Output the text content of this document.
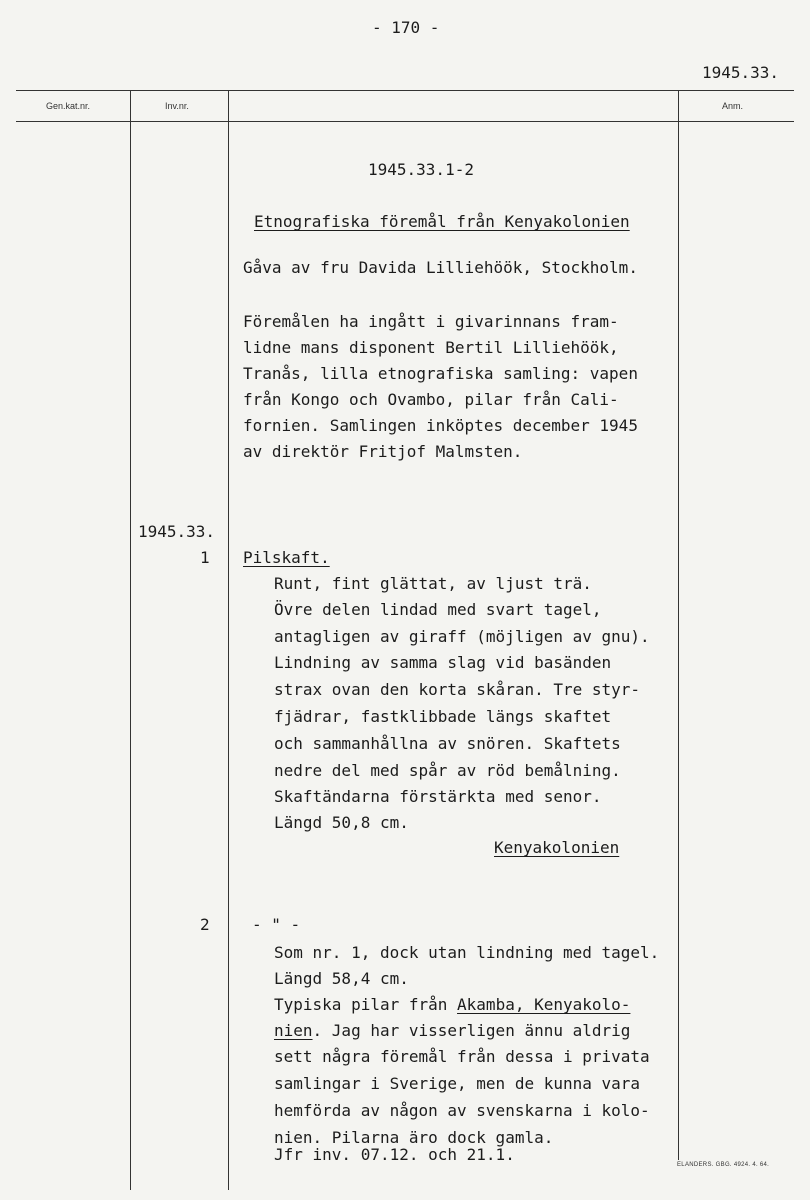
- 170 -
1945.33.
Gen.kat.nr.	Inv.nr.	Anm.
1945.33.1-2
Etnografiska föremål från Kenyakolonien
Gåva av fru Davida Lilliehöök, Stockholm.
Föremålen ha ingått i givarinnans fram-
lidne mans disponent Bertil Lilliehöök,
Tranås, lilla etnografiska samling: vapen
från Kongo och Ovambo, pilar från Cali-
fornien. Samlingen inköptes december 1945
av direktör Fritjof Malmsten.
1945.33.
1
2
Pilskaft.
Runt, fint glättat, av ljust trä.
Övre delen lindad med svart tagel,
antagligen av giraff (möjligen av gnu).
Lindning av samma slag vid basänden
strax ovan den korta skåran. Tre styr-
fjädrar, fastklibbade längs skaftet
och sammanhållna av snören. Skaftets
nedre del med spår av röd bemålning.
Skaftändarna förstärkta med senor.
Längd 50,8 cm.
Kenyakolonien
- " -
Som nr. 1, dock utan lindning med tagel.
Längd 58,4 cm.
Typiska pilar från Akamba, Kenyakolo-
nien. Jag har visserligen ännu aldrig
sett några föremål från dessa i privata
samlingar i Sverige, men de kunna vara
hemförda av någon av svenskarna i kolo-
nien. Pilarna äro dock gamla.
Jfr inv. 07.12. och 21.1.
ELANDERS. GBG. 4924. 4. 64.
